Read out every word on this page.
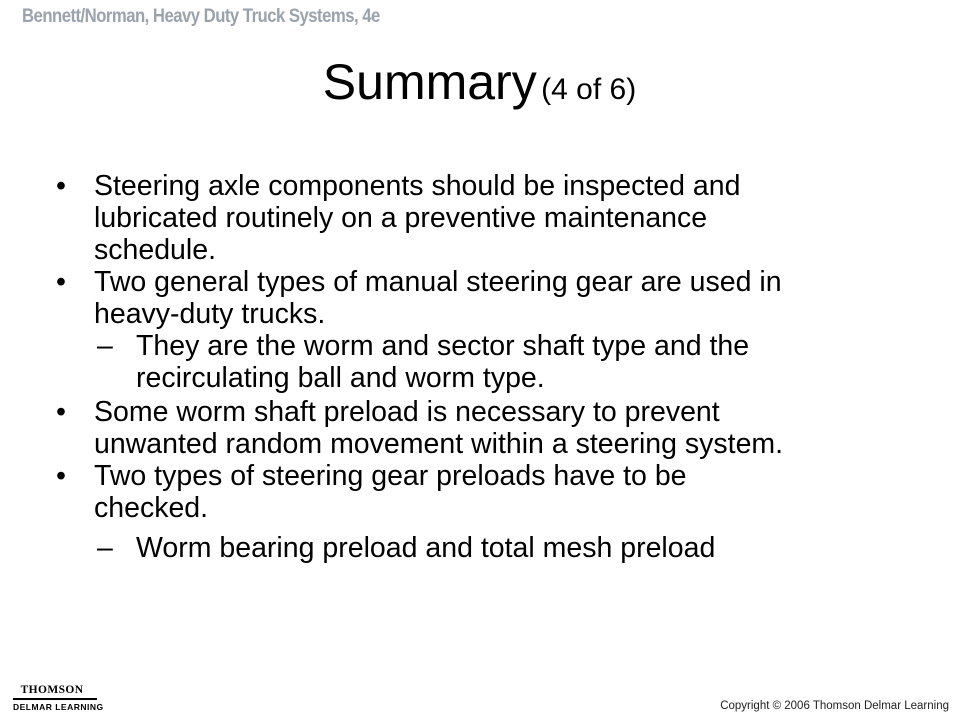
Bennett/Norman, Heavy Duty Truck Systems, 4e
Summary (4 of 6)
• Steering axle components should be inspected and
lubricated routinely on a preventive maintenance
schedule.
• Two general types of manual steering gear are used in
heavy-duty trucks.
– They are the worm and sector shaft type and the
recirculating ball and worm type.
• Some worm shaft preload is necessary to prevent
unwanted random movement within a steering system.
• Two types of steering gear preloads have to be
checked.
– Worm bearing preload and total mesh preload
THOMSON
DELMAR LEARNING	Copyright © 2006 Thomson Delmar Learning
